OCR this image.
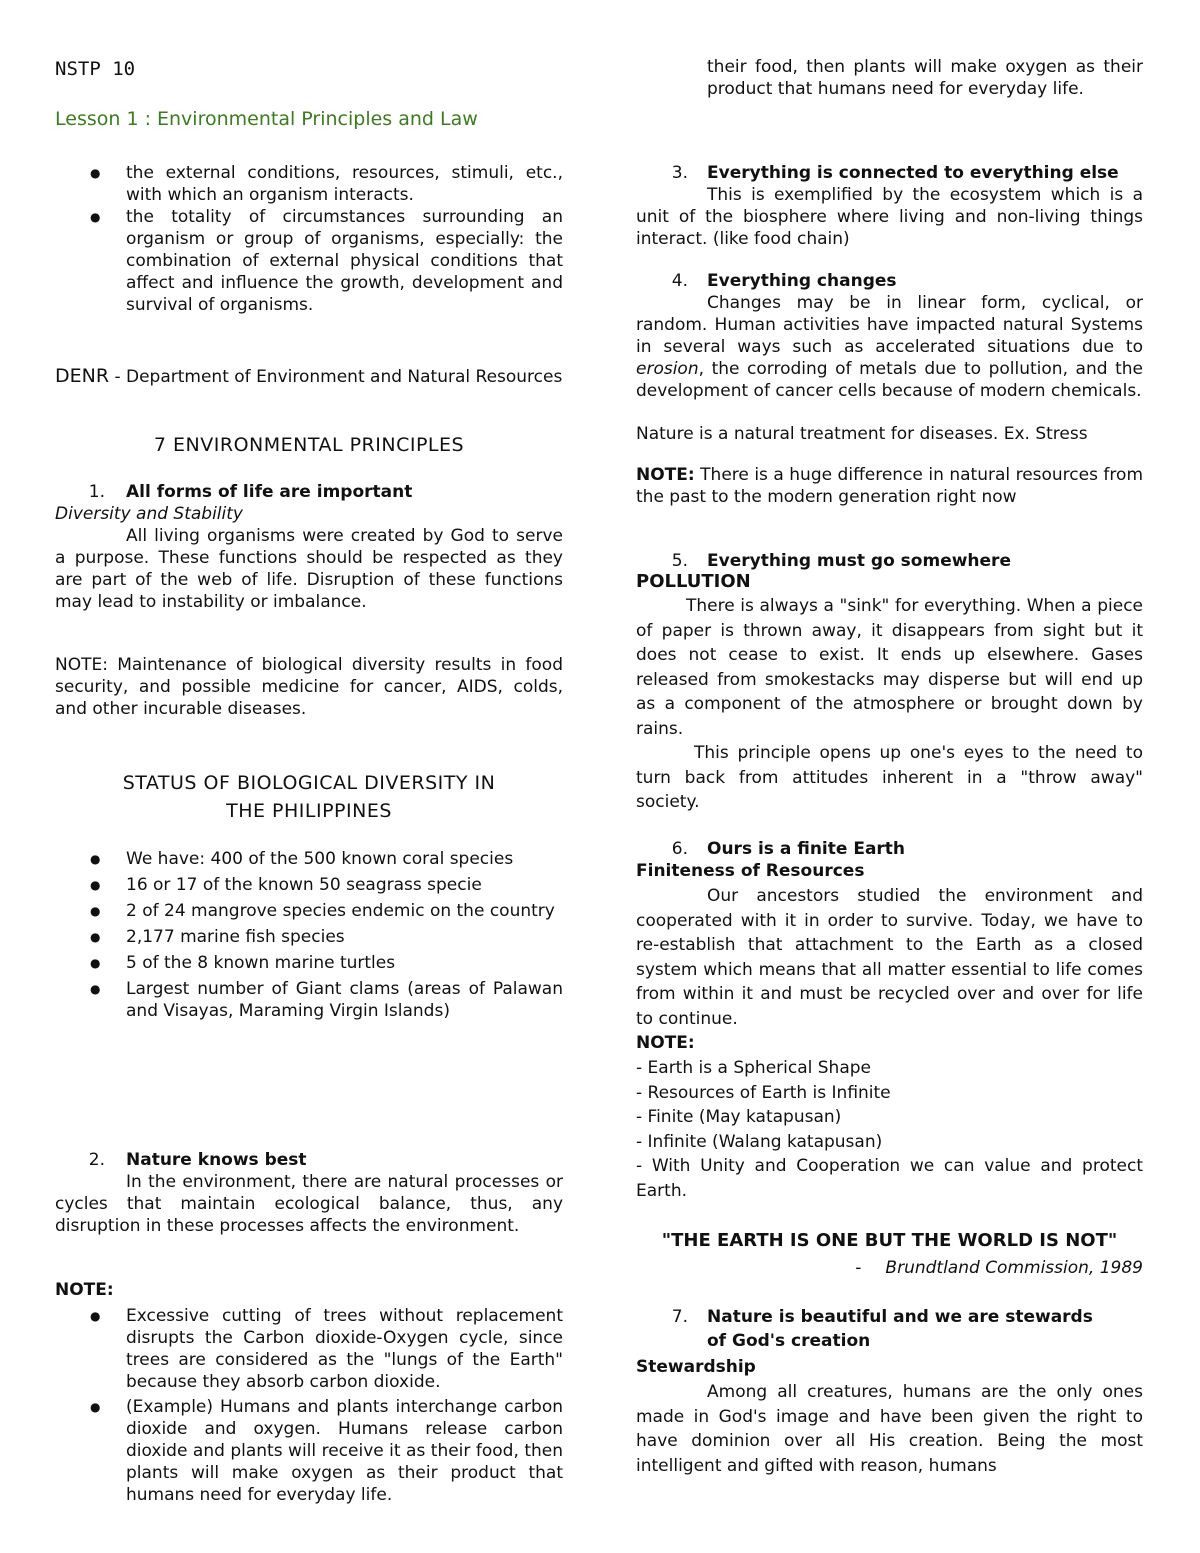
NSTP 10
Lesson 1 : Environmental Principles and Law
● the external conditions, resources, stimuli, etc., with which an organism interacts.
● the totality of circumstances surrounding an organism or group of organisms, especially: the combination of external physical conditions that affect and influence the growth, development and survival of organisms.

DENR - Department of Environment and Natural Resources

7 ENVIRONMENTAL PRINCIPLES
1. All forms of life are important
Diversity and Stability

All living organisms were created by God to serve a purpose. These functions should be respected as they are part of the web of life. Disruption of these functions may lead to instability or imbalance.

NOTE: Maintenance of biological diversity results in food security, and possible medicine for cancer, AIDS, colds, and other incurable diseases.

STATUS OF BIOLOGICAL DIVERSITY IN
THE PHILIPPINES
● We have: 400 of the 500 known coral species
● 16 or 17 of the known 50 seagrass specie
● 2 of 24 mangrove species endemic on the country
● 2,177 marine fish species
● 5 of the 8 known marine turtles
● Largest number of Giant clams (areas of Palawan and Visayas, Maraming Virgin Islands)
2. Nature knows best

In the environment, there are natural processes or cycles that maintain ecological balance, thus, any disruption in these processes affects the environment.

NOTE:
● Excessive cutting of trees without replacement disrupts the Carbon dioxide-Oxygen cycle, since trees are considered as the "lungs of the Earth" because they absorb carbon dioxide.
● (Example) Humans and plants interchange carbon dioxide and oxygen. Humans release carbon dioxide and plants will receive it as their food, then plants will make oxygen as their product that humans need for everyday life.

their food, then plants will make oxygen as their product that humans need for everyday life.

3. Everything is connected to everything else

This is exemplified by the ecosystem which is a unit of the biosphere where living and non-living things interact. (like food chain)

4. Everything changes

Changes may be in linear form, cyclical, or random. Human activities have impacted natural Systems in several ways such as accelerated situations due to erosion, the corroding of metals due to pollution, and the development of cancer cells because of modern chemicals.

Nature is a natural treatment for diseases. Ex. Stress

NOTE: There is a huge difference in natural resources from the past to the modern generation right now

5. Everything must go somewhere
POLLUTION

There is always a "sink" for everything. When a piece of paper is thrown away, it disappears from sight but it does not cease to exist. It ends up elsewhere. Gases released from smokestacks may disperse but will end up as a component of the atmosphere or brought down by rains.

This principle opens up one's eyes to the need to turn back from attitudes inherent in a "throw away" society.

6. Ours is a finite Earth
Finiteness of Resources

Our ancestors studied the environment and cooperated with it in order to survive. Today, we have to re-establish that attachment to the Earth as a closed system which means that all matter essential to life comes from within it and must be recycled over and over for life to continue.

NOTE:
- Earth is a Spherical Shape
- Resources of Earth is Infinite
- Finite (May katapusan)
- Infinite (Walang katapusan)
- With Unity and Cooperation we can value and protect Earth.
"THE EARTH IS ONE BUT THE WORLD IS NOT"
- Brundtland Commission, 1989
7. Nature is beautiful and we are stewards
of God's creation
Stewardship

Among all creatures, humans are the only ones made in God's image and have been given the right to have dominion over all His creation. Being the most intelligent and gifted with reason, humans
